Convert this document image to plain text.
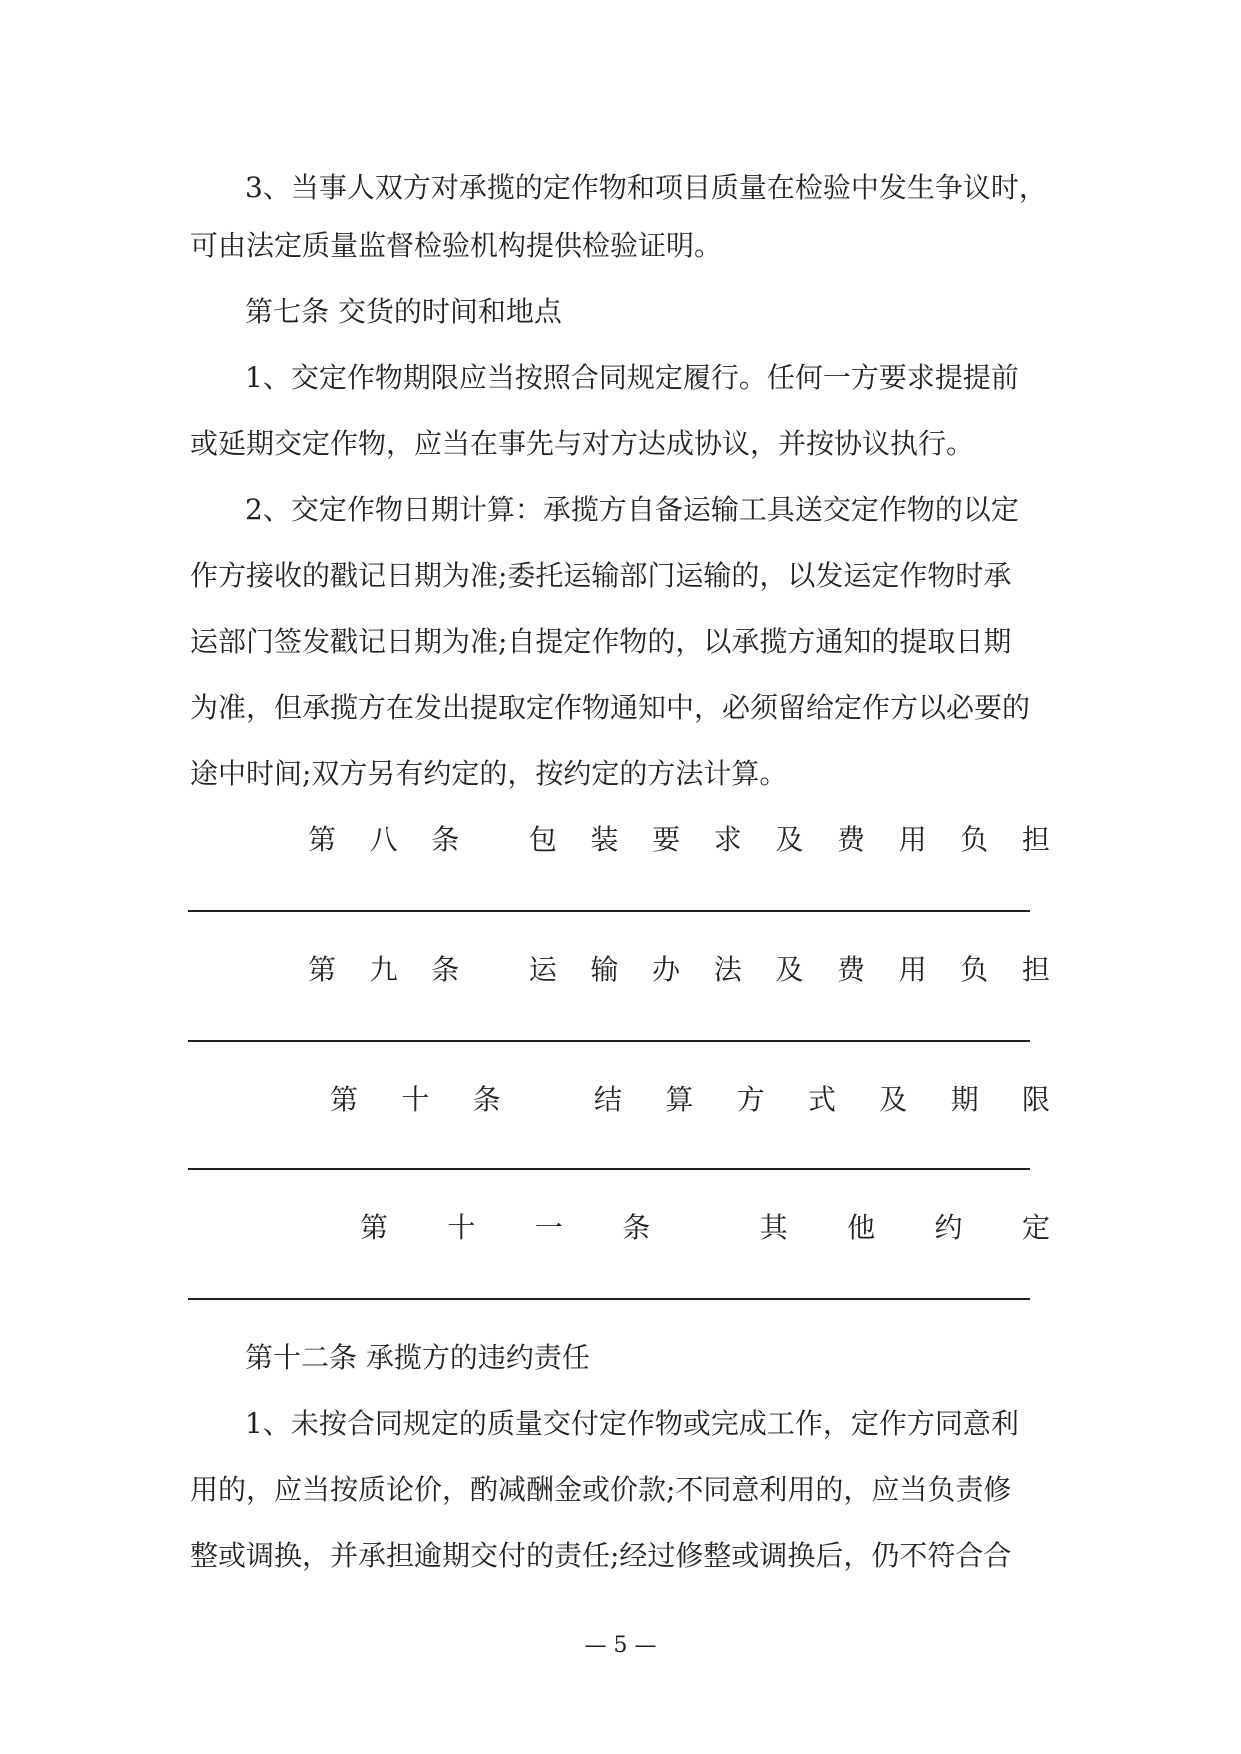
3、当事人双方对承揽的定作物和项目质量在检验中发生争议时，
可由法定质量监督检验机构提供检验证明。
第七条 交货的时间和地点
1、交定作物期限应当按照合同规定履行。任何一方要求提提前
或延期交定作物，应当在事先与对方达成协议，并按协议执行。
2、交定作物日期计算：承揽方自备运输工具送交定作物的以定
作方接收的戳记日期为准;委托运输部门运输的，以发运定作物时承
运部门签发戳记日期为准;自提定作物的，以承揽方通知的提取日期
为准，但承揽方在发出提取定作物通知中，必须留给定作方以必要的
途中时间;双方另有约定的，按约定的方法计算。
第 八 条 包 装 要 求 及 费 用 负 担
第 九 条 运 输 办 法 及 费 用 负 担
第 十 条	结 算 方 式 及 期 限
第 十 一 条	其 他 约 定
第十二条 承揽方的违约责任
1、未按合同规定的质量交付定作物或完成工作，定作方同意利
用的，应当按质论价，酌减酬金或价款;不同意利用的，应当负责修
整或调换，并承担逾期交付的责任;经过修整或调换后，仍不符合合
— 5 —
